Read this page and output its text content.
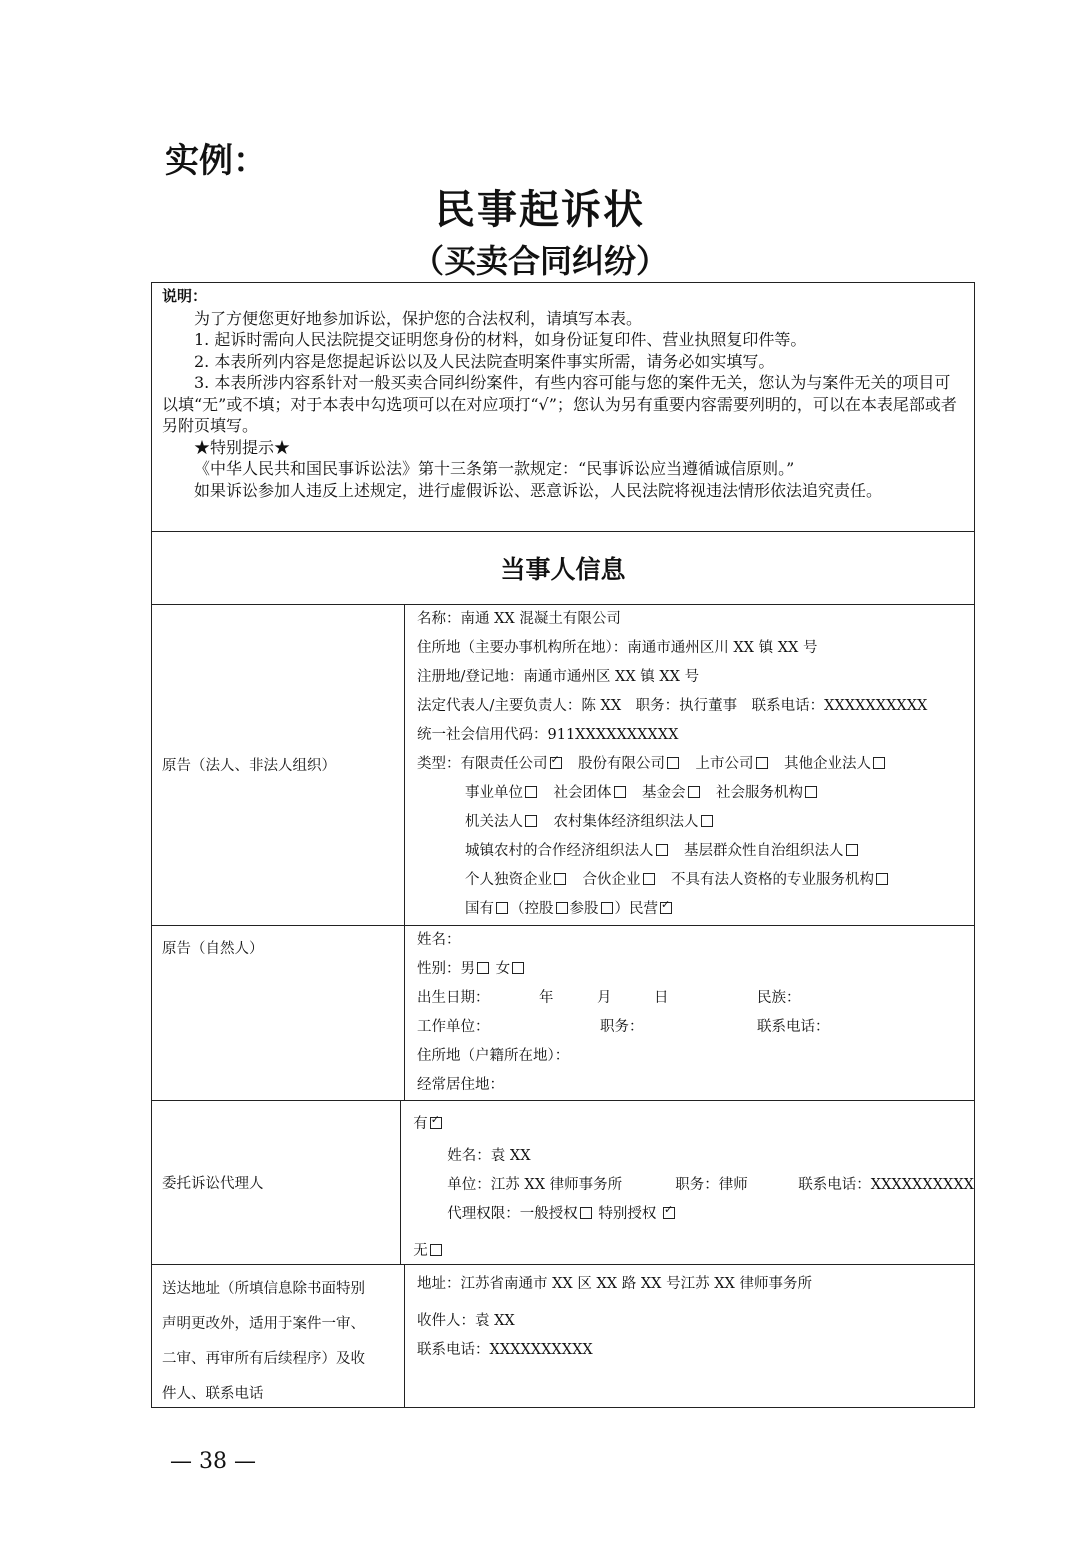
实例：
民事起诉状
（买卖合同纠纷）

说明：

为了方便您更好地参加诉讼，保护您的合法权利，请填写本表。

1. 起诉时需向人民法院提交证明您身份的材料，如身份证复印件、营业执照复印件等。

2. 本表所列内容是您提起诉讼以及人民法院查明案件事实所需，请务必如实填写。

3. 本表所涉内容系针对一般买卖合同纠纷案件，有些内容可能与您的案件无关，您认为与案件无关的项目可以填“无”或不填；对于本表中勾选项可以在对应项打“√”；您认为另有重要内容需要列明的，可以在本表尾部或者另附页填写。

★特别提示★

《中华人民共和国民事诉讼法》第十三条第一款规定：“民事诉讼应当遵循诚信原则。”

如果诉讼参加人违反上述规定，进行虚假诉讼、恶意诉讼，人民法院将视违法情形依法追究责任。

当事人信息
原告（法人、非法人组织）
名称：南通 XX 混凝土有限公司
住所地（主要办事机构所在地）：南通市通州区川 XX 镇 XX 号
注册地/登记地：南通市通州区 XX 镇 XX 号
法定代表人/主要负责人：陈 XX　职务：执行董事　联系电话：XXXXXXXXXX
统一社会信用代码：911XXXXXXXXXX
类型：有限责任公司✓　 股份有限公司　 上市公司　 其他企业法人
事业单位　 社会团体　 基金会　 社会服务机构
机关法人　 农村集体经济组织法人
城镇农村的合作经济组织法人　 基层群众性自治组织法人
个人独资企业　 合伙企业　 不具有法人资格的专业服务机构
国有 （控股 参股 ）民营✓
原告（自然人）
姓名：
性别：男 女
出生日期：	年	月	日	民族：
工作单位：	职务：	联系电话：
住所地（户籍所在地）：
经常居住地：
委托诉讼代理人
有✓
姓名：袁 XX
单位：江苏 XX 律师事务所	职务：律师	联系电话：XXXXXXXXXX
代理权限：一般授权 特别授权 ✓
无
送达地址（所填信息除书面特别
声明更改外，适用于案件一审、
二审、再审所有后续程序）及收
件人、联系电话
地址：江苏省南通市 XX 区 XX 路 XX 号江苏 XX 律师事务所
收件人：袁 XX
联系电话：XXXXXXXXXX
— 38 —
